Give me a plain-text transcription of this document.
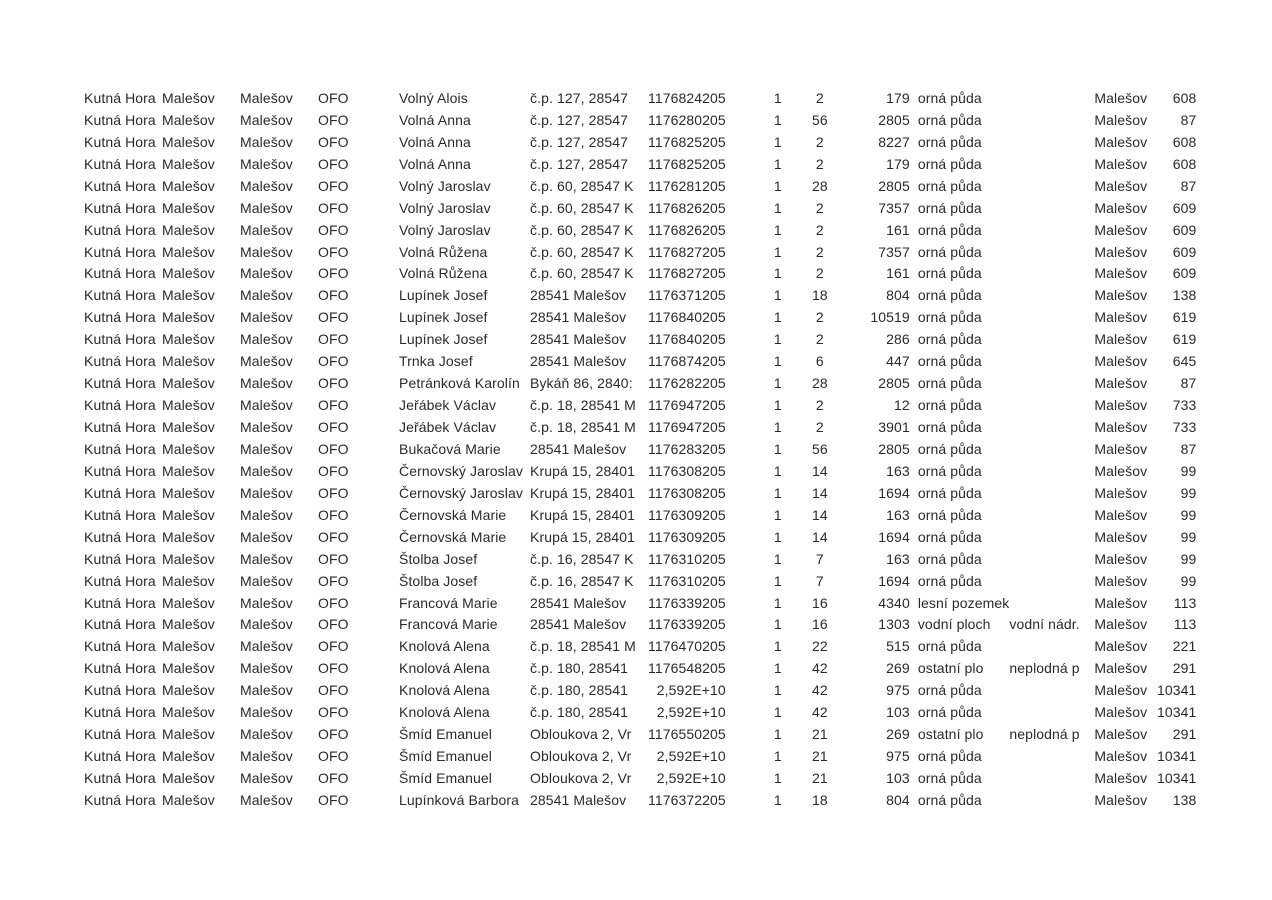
Kutná Hora	Malešov	Malešov	OFO	Volný Alois	č.p. 127, 28547	1176824205	1	2	179	orná půda		Malešov	608
Kutná Hora	Malešov	Malešov	OFO	Volná Anna	č.p. 127, 28547	1176280205	1	56	2805	orná půda		Malešov	87
Kutná Hora	Malešov	Malešov	OFO	Volná Anna	č.p. 127, 28547	1176825205	1	2	8227	orná půda		Malešov	608
Kutná Hora	Malešov	Malešov	OFO	Volná Anna	č.p. 127, 28547	1176825205	1	2	179	orná půda		Malešov	608
Kutná Hora	Malešov	Malešov	OFO	Volný Jaroslav	č.p. 60, 28547 K	1176281205	1	28	2805	orná půda		Malešov	87
Kutná Hora	Malešov	Malešov	OFO	Volný Jaroslav	č.p. 60, 28547 K	1176826205	1	2	7357	orná půda		Malešov	609
Kutná Hora	Malešov	Malešov	OFO	Volný Jaroslav	č.p. 60, 28547 K	1176826205	1	2	161	orná půda		Malešov	609
Kutná Hora	Malešov	Malešov	OFO	Volná Růžena	č.p. 60, 28547 K	1176827205	1	2	7357	orná půda		Malešov	609
Kutná Hora	Malešov	Malešov	OFO	Volná Růžena	č.p. 60, 28547 K	1176827205	1	2	161	orná půda		Malešov	609
Kutná Hora	Malešov	Malešov	OFO	Lupínek Josef	28541 Malešov	1176371205	1	18	804	orná půda		Malešov	138
Kutná Hora	Malešov	Malešov	OFO	Lupínek Josef	28541 Malešov	1176840205	1	2	10519	orná půda		Malešov	619
Kutná Hora	Malešov	Malešov	OFO	Lupínek Josef	28541 Malešov	1176840205	1	2	286	orná půda		Malešov	619
Kutná Hora	Malešov	Malešov	OFO	Trnka Josef	28541 Malešov	1176874205	1	6	447	orná půda		Malešov	645
Kutná Hora	Malešov	Malešov	OFO	Petránková Karolín	Bykáň 86, 2840:	1176282205	1	28	2805	orná půda		Malešov	87
Kutná Hora	Malešov	Malešov	OFO	Jeřábek Václav	č.p. 18, 28541 M	1176947205	1	2	12	orná půda		Malešov	733
Kutná Hora	Malešov	Malešov	OFO	Jeřábek Václav	č.p. 18, 28541 M	1176947205	1	2	3901	orná půda		Malešov	733
Kutná Hora	Malešov	Malešov	OFO	Bukačová Marie	28541 Malešov	1176283205	1	56	2805	orná půda		Malešov	87
Kutná Hora	Malešov	Malešov	OFO	Černovský Jaroslav	Krupá 15, 28401	1176308205	1	14	163	orná půda		Malešov	99
Kutná Hora	Malešov	Malešov	OFO	Černovský Jaroslav	Krupá 15, 28401	1176308205	1	14	1694	orná půda		Malešov	99
Kutná Hora	Malešov	Malešov	OFO	Černovská Marie	Krupá 15, 28401	1176309205	1	14	163	orná půda		Malešov	99
Kutná Hora	Malešov	Malešov	OFO	Černovská Marie	Krupá 15, 28401	1176309205	1	14	1694	orná půda		Malešov	99
Kutná Hora	Malešov	Malešov	OFO	Štolba Josef	č.p. 16, 28547 K	1176310205	1	7	163	orná půda		Malešov	99
Kutná Hora	Malešov	Malešov	OFO	Štolba Josef	č.p. 16, 28547 K	1176310205	1	7	1694	orná půda		Malešov	99
Kutná Hora	Malešov	Malešov	OFO	Francová Marie	28541 Malešov	1176339205	1	16	4340	lesní pozemek		Malešov	113
Kutná Hora	Malešov	Malešov	OFO	Francová Marie	28541 Malešov	1176339205	1	16	1303	vodní ploch	vodní nádr.	Malešov	113
Kutná Hora	Malešov	Malešov	OFO	Knolová Alena	č.p. 18, 28541 M	1176470205	1	22	515	orná půda		Malešov	221
Kutná Hora	Malešov	Malešov	OFO	Knolová Alena	č.p. 180, 28541	1176548205	1	42	269	ostatní plo	neplodná p	Malešov	291
Kutná Hora	Malešov	Malešov	OFO	Knolová Alena	č.p. 180, 28541	2,592E+10	1	42	975	orná půda		Malešov	10341
Kutná Hora	Malešov	Malešov	OFO	Knolová Alena	č.p. 180, 28541	2,592E+10	1	42	103	orná půda		Malešov	10341
Kutná Hora	Malešov	Malešov	OFO	Šmíd Emanuel	Obloukova 2, Vr	1176550205	1	21	269	ostatní plo	neplodná p	Malešov	291
Kutná Hora	Malešov	Malešov	OFO	Šmíd Emanuel	Obloukova 2, Vr	2,592E+10	1	21	975	orná půda		Malešov	10341
Kutná Hora	Malešov	Malešov	OFO	Šmíd Emanuel	Obloukova 2, Vr	2,592E+10	1	21	103	orná půda		Malešov	10341
Kutná Hora	Malešov	Malešov	OFO	Lupínková Barbora	28541 Malešov	1176372205	1	18	804	orná půda		Malešov	138
